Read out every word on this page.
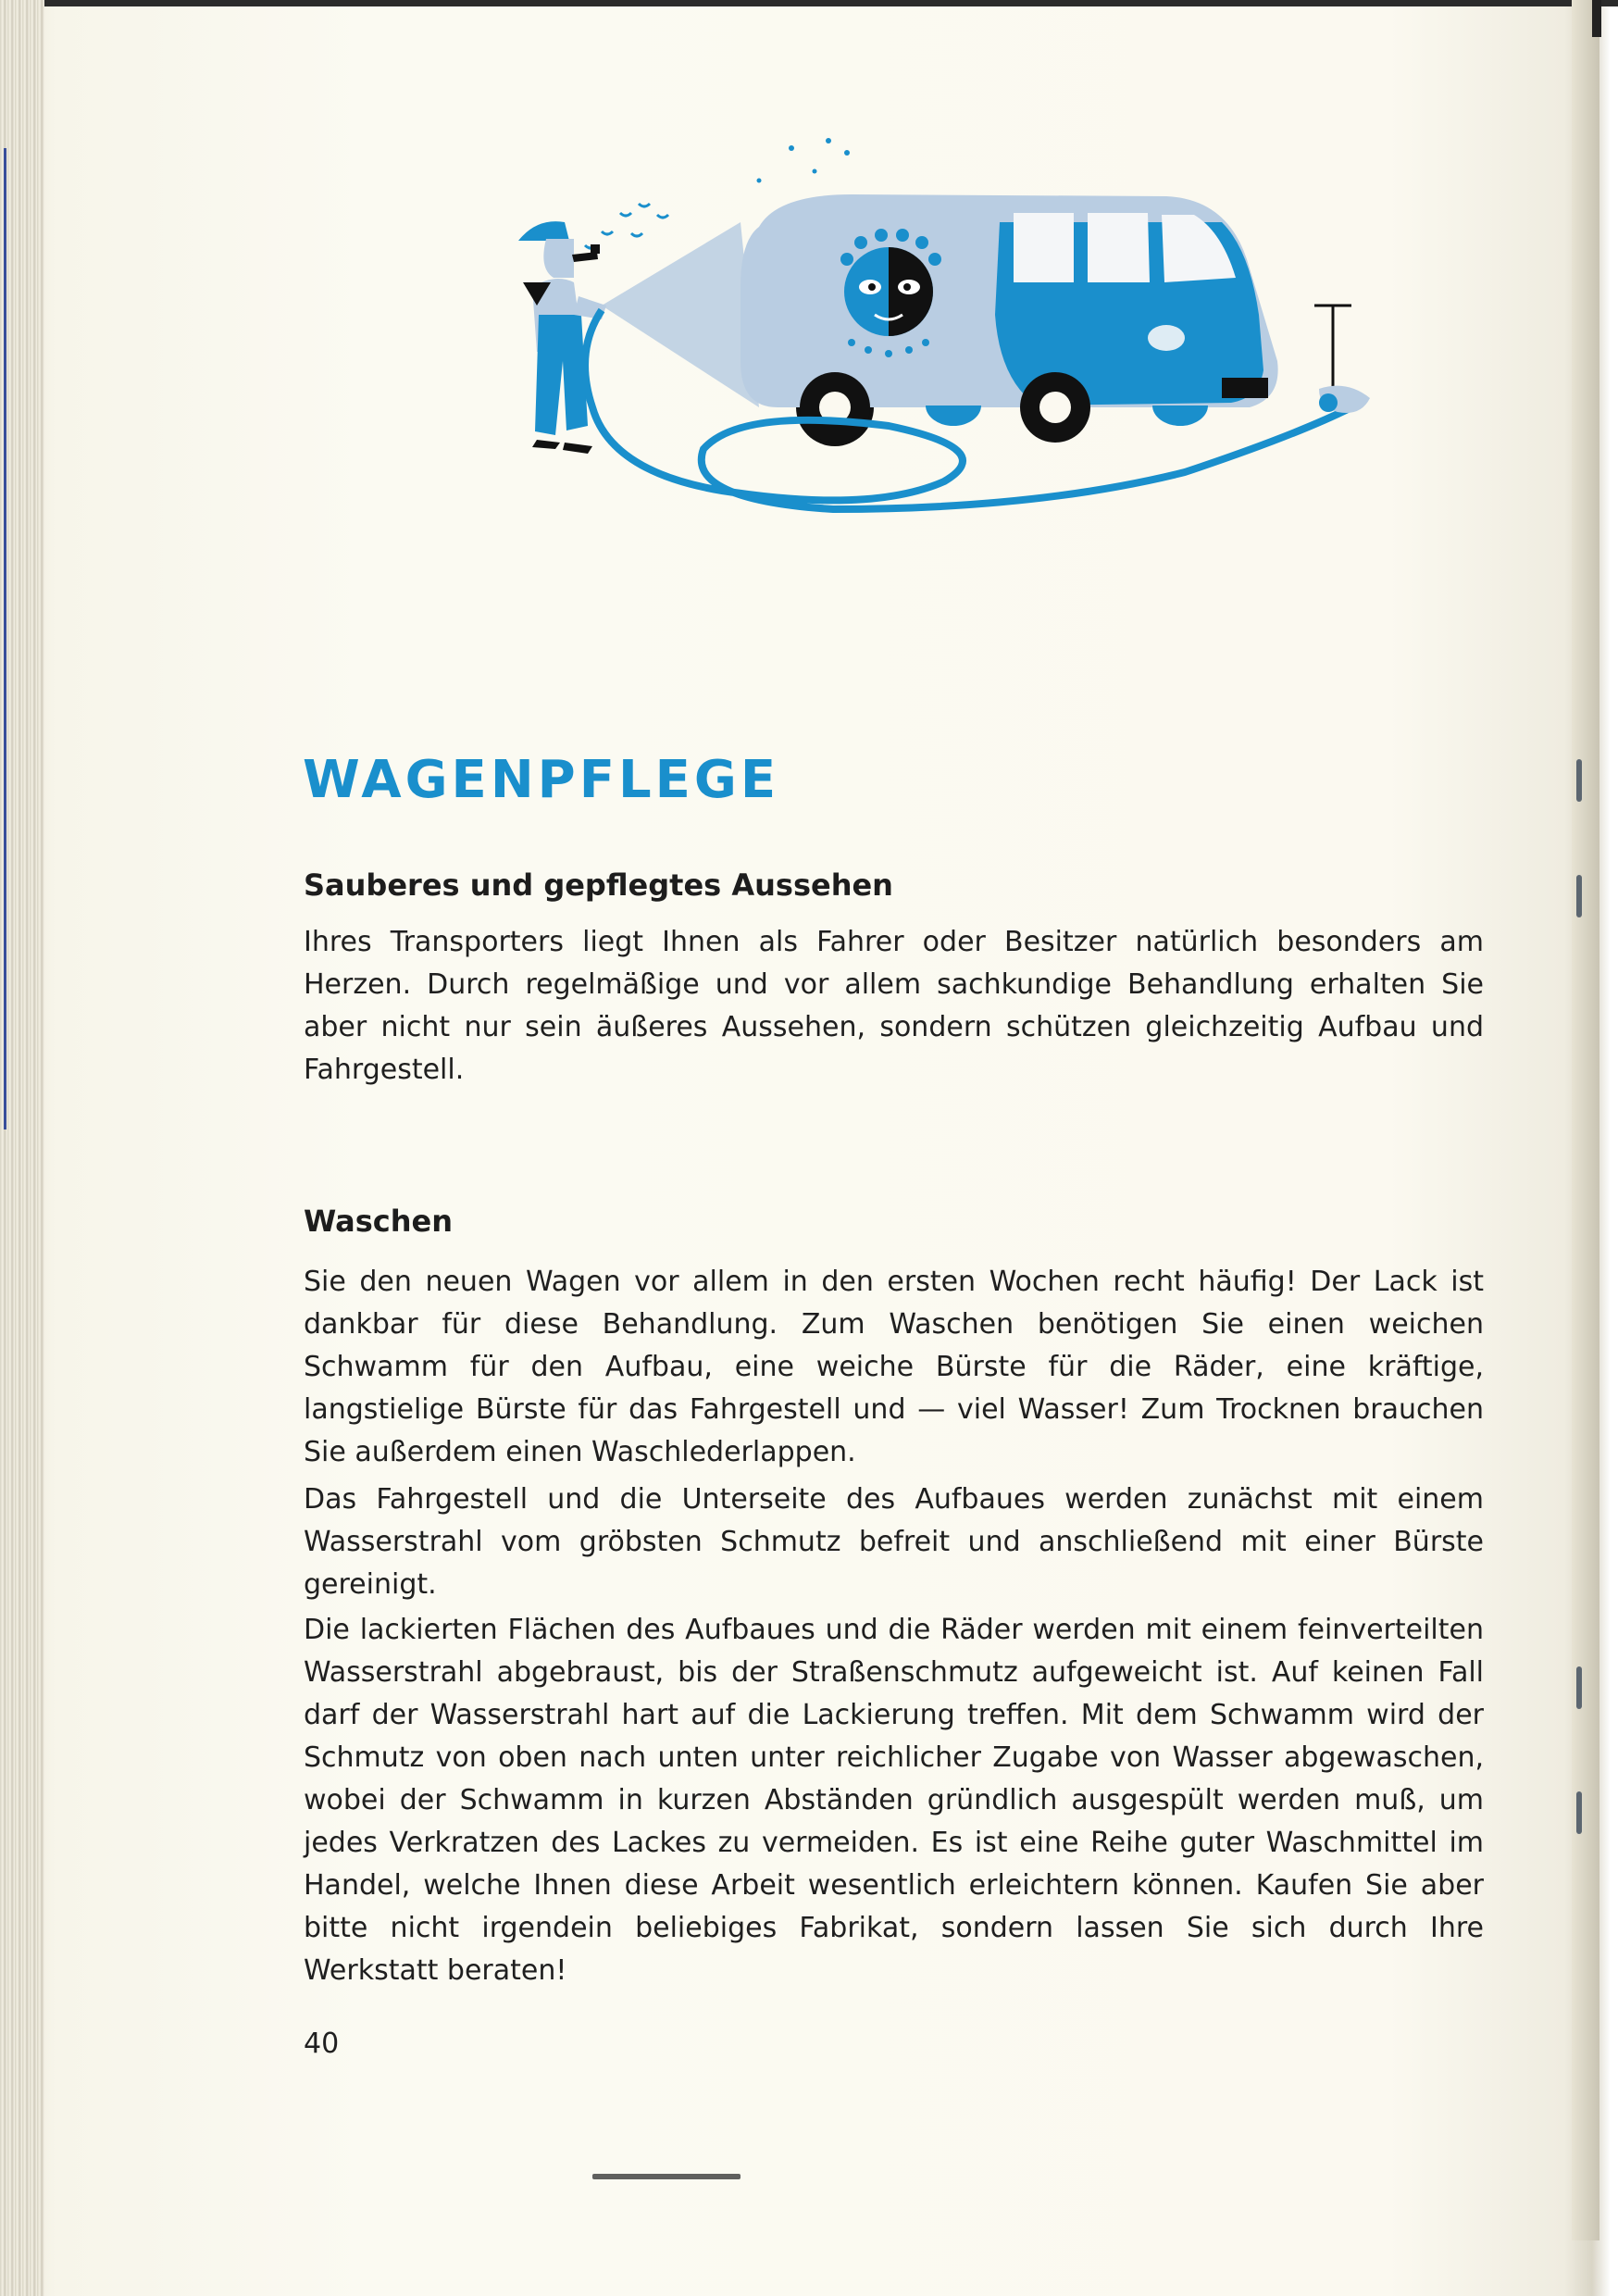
WAGENPFLEGE
Sauberes und gepflegtes Aussehen

Ihres Transporters liegt Ihnen als Fahrer oder Besitzer natürlich besonders am Herzen. Durch regelmäßige und vor allem sachkundige Behandlung erhalten Sie aber nicht nur sein äußeres Aussehen, sondern schützen gleichzeitig Aufbau und Fahrgestell.

Waschen

Sie den neuen Wagen vor allem in den ersten Wochen recht häufig! Der Lack ist dankbar für diese Behandlung. Zum Waschen benötigen Sie einen weichen Schwamm für den Aufbau, eine weiche Bürste für die Räder, eine kräftige, langstielige Bürste für das Fahrgestell und — viel Wasser! Zum Trocknen brauchen Sie außerdem einen Waschlederlappen.

Das Fahrgestell und die Unterseite des Aufbaues werden zunächst mit einem Wasserstrahl vom gröbsten Schmutz befreit und anschließend mit einer Bürste gereinigt.

Die lackierten Flächen des Aufbaues und die Räder werden mit einem feinverteilten Wasserstrahl abgebraust, bis der Straßenschmutz aufgeweicht ist. Auf keinen Fall darf der Wasserstrahl hart auf die Lackierung treffen. Mit dem Schwamm wird der Schmutz von oben nach unten unter reichlicher Zugabe von Wasser abgewaschen, wobei der Schwamm in kurzen Abständen gründlich ausgespült werden muß, um jedes Verkratzen des Lackes zu vermeiden. Es ist eine Reihe guter Waschmittel im Handel, welche Ihnen diese Arbeit wesentlich erleichtern können. Kaufen Sie aber bitte nicht irgendein beliebiges Fabrikat, sondern lassen Sie sich durch Ihre Werkstatt beraten!

40
